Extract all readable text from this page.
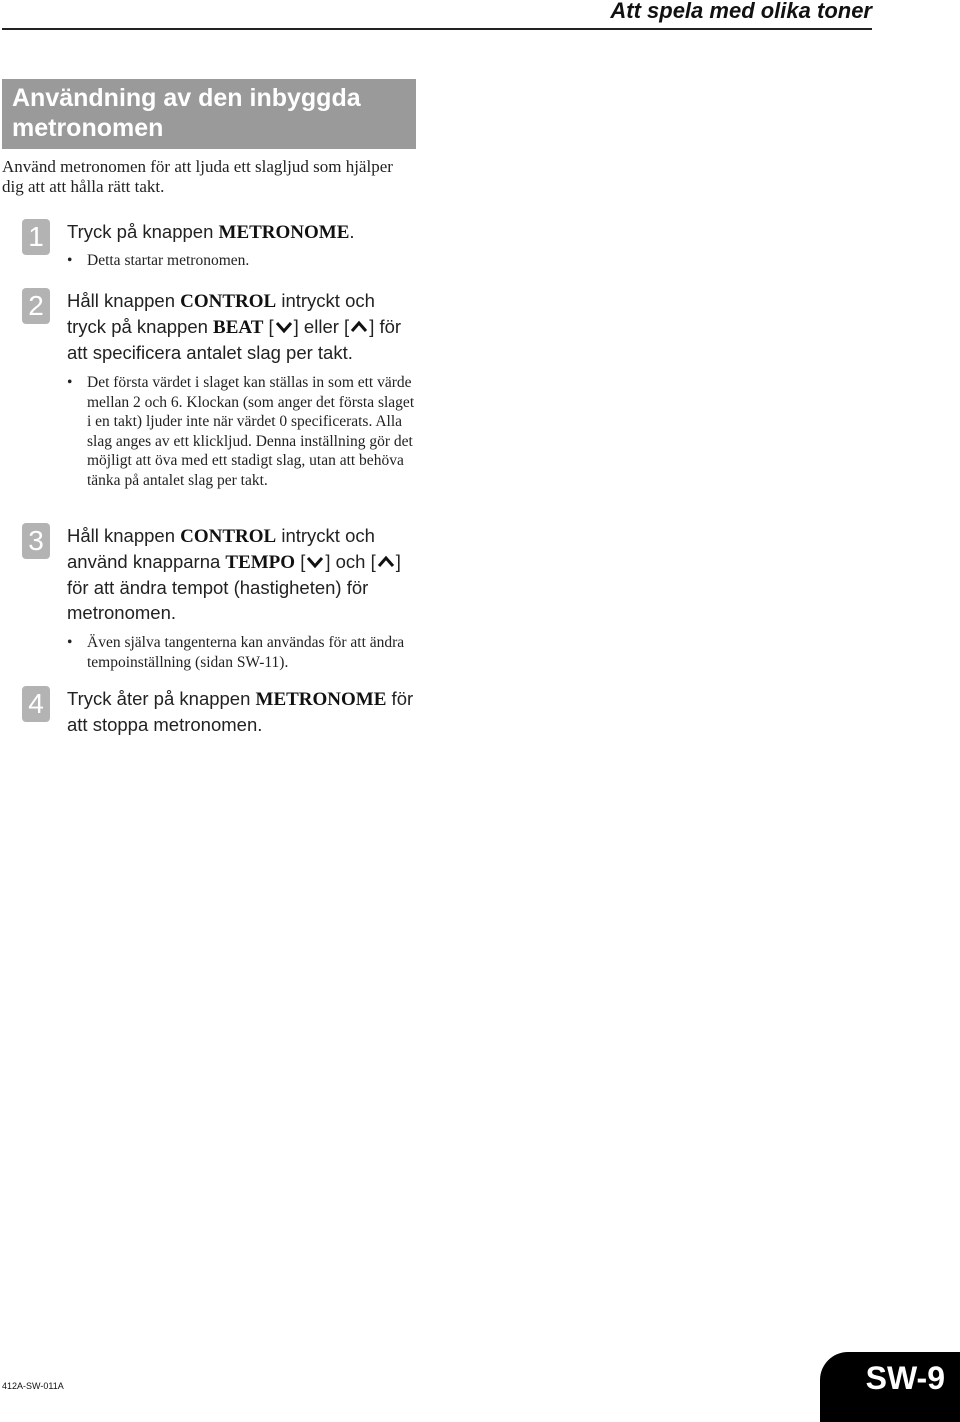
Att spela med olika toner
Användning av den inbyggda metronomen
Använd metronomen för att ljuda ett slagljud som hjälper dig att att hålla rätt takt.
1	Tryck på knappen METRONOME.
• Detta startar metronomen.
2	Håll knappen CONTROL intryckt och tryck på knappen BEAT [ ] eller [ ] för att specificera antalet slag per takt.
• Det första värdet i slaget kan ställas in som ett värde mellan 2 och 6. Klockan (som anger det första slaget i en takt) ljuder inte när värdet 0 specificerats. Alla slag anges av ett klickljud. Denna inställning gör det möjligt att öva med ett stadigt slag, utan att behöva tänka på antalet slag per takt.
3	Håll knappen CONTROL intryckt och använd knapparna TEMPO [ ] och [ ] för att ändra tempot (hastigheten) för metronomen.
• Även själva tangenterna kan användas för att ändra tempoinställning (sidan SW-11).
4	Tryck åter på knappen METRONOME för att stoppa metronomen.
412A-SW-011A	SW-9
